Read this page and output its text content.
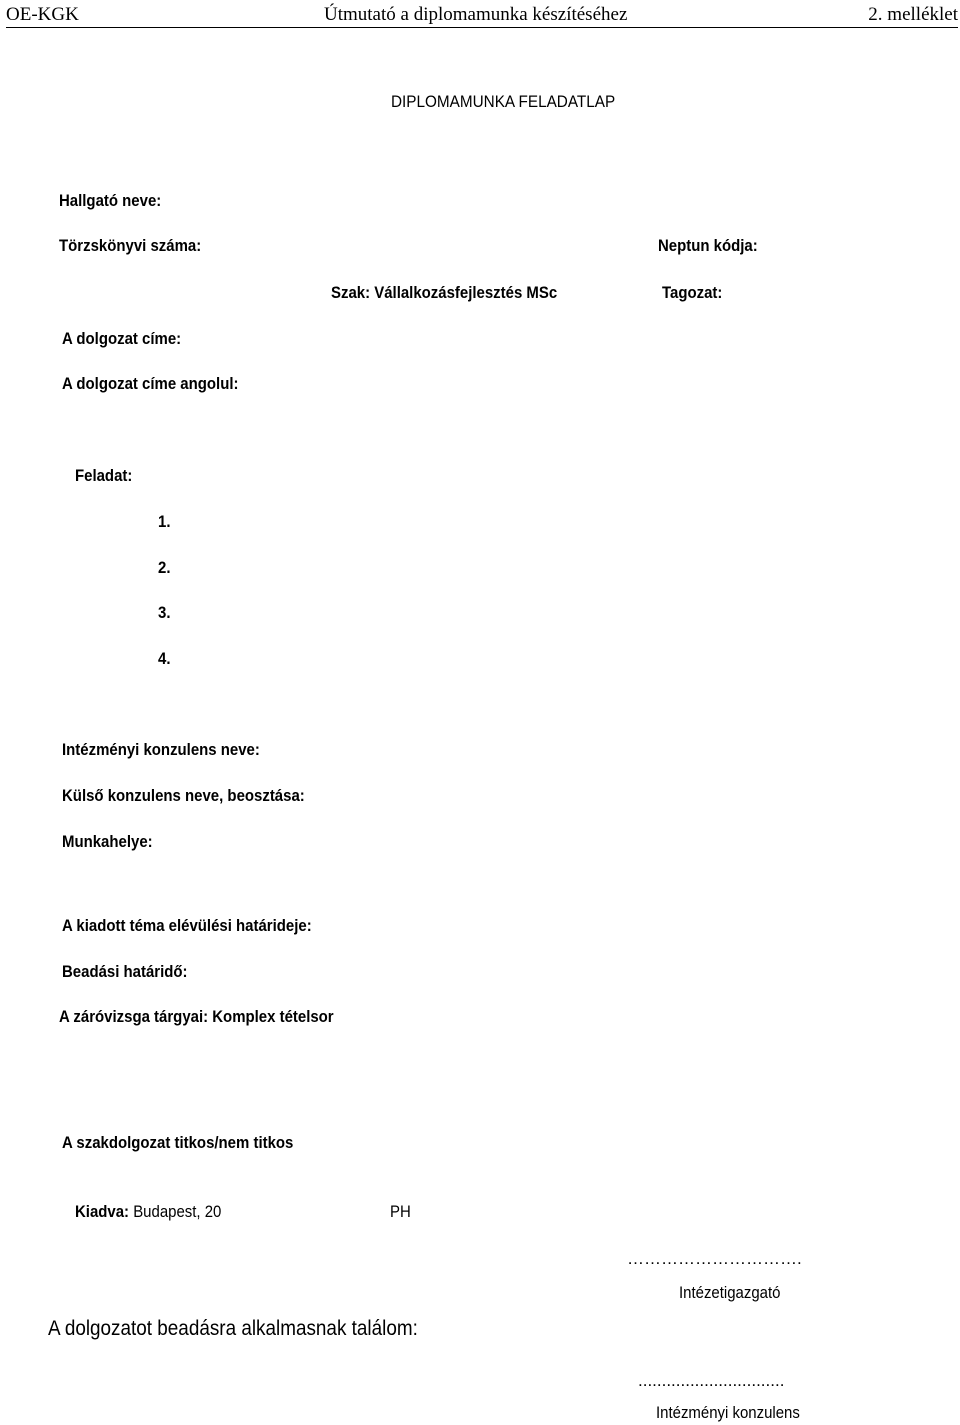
OE-KGK	Útmutató a diplomamunka készítéséhez	2. melléklet
DIPLOMAMUNKA FELADATLAP
Hallgató neve:
Törzskönyvi száma:	Neptun kódja:
Szak: Vállalkozásfejlesztés MSc	Tagozat:
A dolgozat címe:
A dolgozat címe angolul:
Feladat:
1.
2.
3.
4.
Intézményi konzulens neve:
Külső konzulens neve, beosztása:
Munkahelye:
A kiadott téma elévülési határideje:
Beadási határidő:
A záróvizsga tárgyai: Komplex tételsor
A szakdolgozat titkos/nem titkos
Kiadva: Budapest, 20	PH
………………………….
Intézetigazgató
A dolgozatot beadásra alkalmasnak találom:
...............................
Intézményi konzulens
